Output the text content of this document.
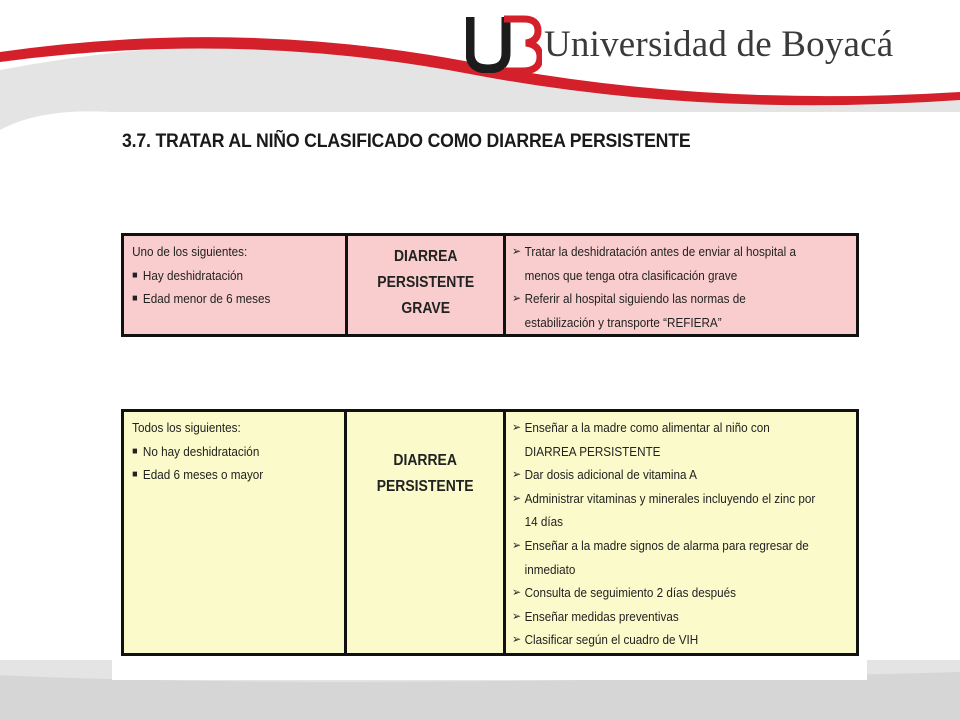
Universidad de Boyacá
3.7. TRATAR AL NIÑO CLASIFICADO COMO DIARREA PERSISTENTE
Uno de los siguientes:
■ Hay deshidratación
■ Edad menor de 6 meses

DIARREA
PERSISTENTE GRAVE

➢ Tratar la deshidratación antes de enviar al hospital a menos que tenga otra clasificación grave
➢ Referir al hospital siguiendo las normas de estabilización y transporte “REFIERA”
Todos los siguientes:
■ No hay deshidratación
■ Edad 6 meses o mayor

DIARREA
PERSISTENTE

➢ Enseñar a la madre como alimentar al niño con DIARREA PERSISTENTE
➢ Dar dosis adicional de vitamina A
➢ Administrar vitaminas y minerales incluyendo el zinc por 14 días
➢ Enseñar a la madre signos de alarma para regresar de inmediato
➢ Consulta de seguimiento 2 días después
➢ Enseñar medidas preventivas
➢ Clasificar según el cuadro de VIH
